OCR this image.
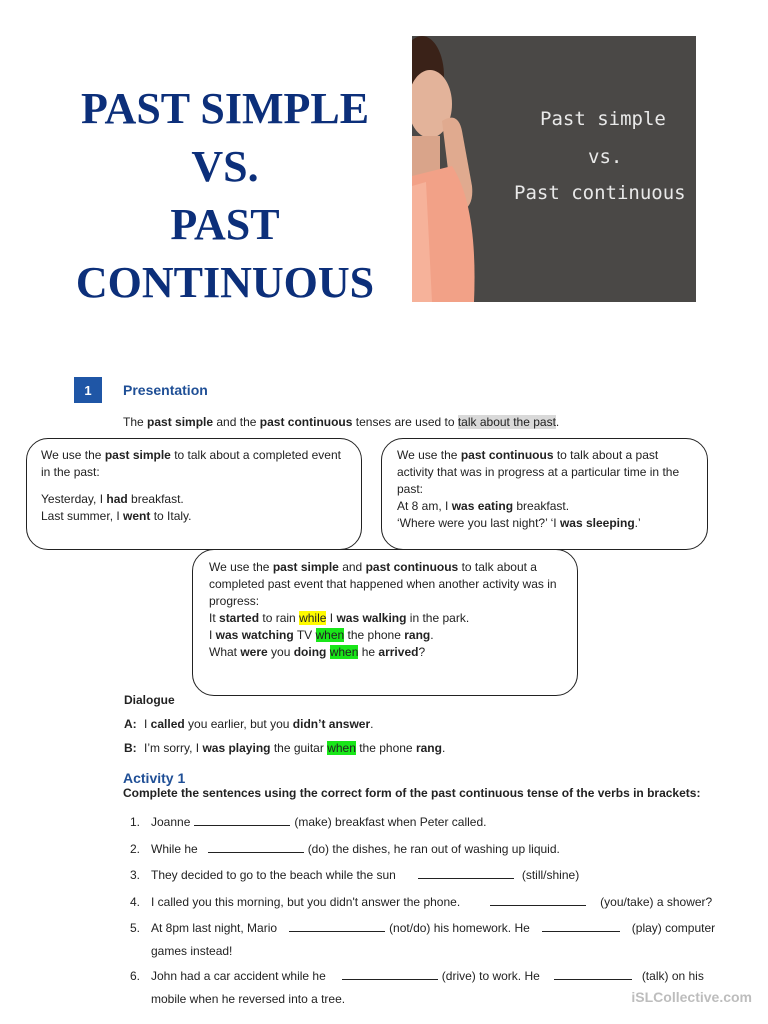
PAST SIMPLE
VS.
PAST
CONTINUOUS
Past simple
vs.
Past continuous
1	Presentation
The past simple and the past continuous tenses are used to talk about the past.

We use the past simple to talk about a completed event in the past:

Yesterday, I had breakfast.

Last summer, I went to Italy.

We use the past continuous to talk about a past activity that was in progress at a particular time in the past:

At 8 am, I was eating breakfast.

‘Where were you last night?’ ‘I was sleeping.’

We use the past simple and past continuous to talk about a completed past event that happened when another activity was in progress:

It started to rain while I was walking in the park.

I was watching TV when the phone rang.

What were you doing when he arrived?

Dialogue
A: I called you earlier, but you didn’t answer.
B: I’m sorry, I was playing the guitar when the phone rang.
Activity 1
Complete the sentences using the correct form of the past continuous tense of the verbs in brackets:
1. Joanne	(make) breakfast when Peter called.
2. While he	(do) the dishes, he ran out of washing up liquid.
3. They decided to go to the beach while the sun	(still/shine)
4. I called you this morning, but you didn't answer the phone.	(you/take) a shower?
5. At 8pm last night, Mario	(not/do) his homework. He	(play) computer games instead!
6. John had a car accident while he	(drive) to work. He	(talk) on his mobile when he reversed into a tree.	iSLCollective.com
